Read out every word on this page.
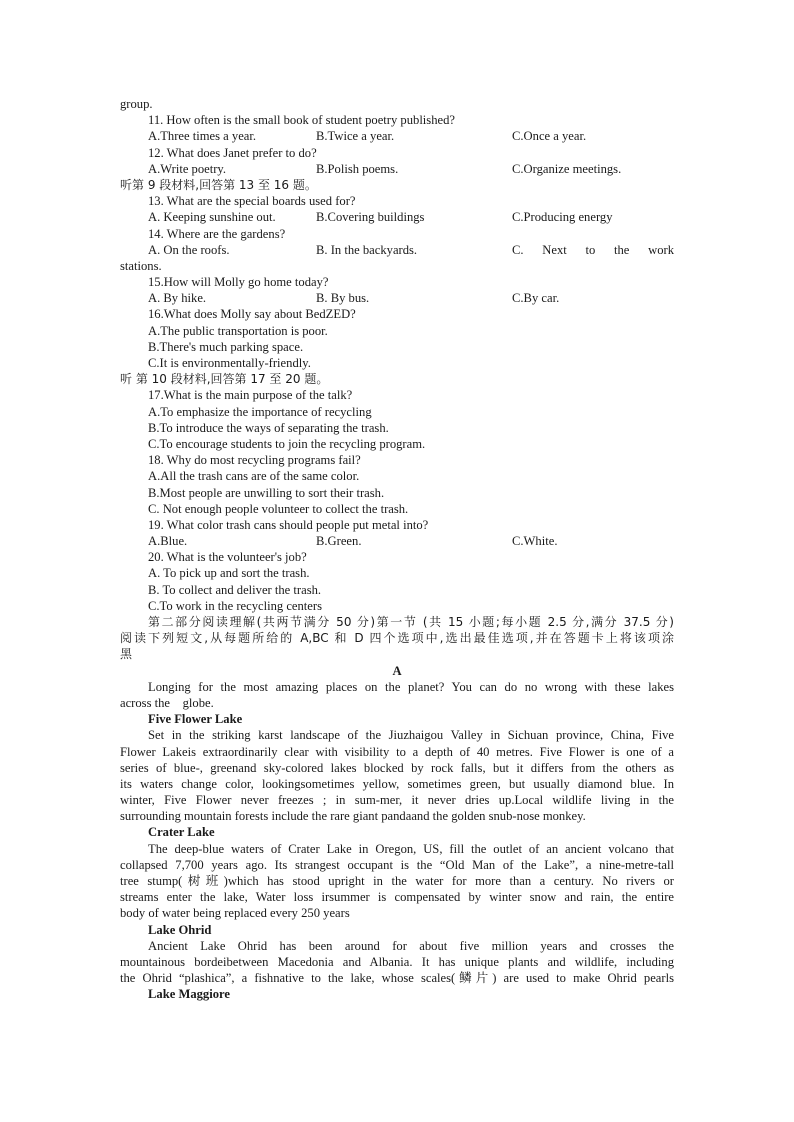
group.
11. How often is the small book of student poetry published?
A.Three times a year.	B.Twice a year.	C.Once a year.
12. What does Janet prefer to do?
A.Write poetry.	B.Polish poems.	C.Organize meetings.
听第 9 段材料,回答第 13 至 16 题。
13. What are the special boards used for?
A. Keeping sunshine out.	B.Covering buildings	C.Producing energy
14. Where are the gardens?
A. On the roofs.	B. In the backyards.	C. Next to the work
stations.
15.How will Molly go home today?
A. By hike.	B. By bus.	C.By car.
16.What does Molly say about BedZED?
A.The public transportation is poor.
B.There's much parking space.
C.It is environmentally-friendly.
听 第 10 段材料,回答第 17 至 20 题。
17.What is the main purpose of the talk?
A.To emphasize the importance of recycling
B.To introduce the ways of separating the trash.
C.To encourage students to join the recycling program.
18. Why do most recycling programs fail?
A.All the trash cans are of the same color.
B.Most people are unwilling to sort their trash.
C. Not enough people volunteer to collect the trash.
19. What color trash cans should people put metal into?
A.Blue.	B.Green.	C.White.
20. What is the volunteer's job?
A. To pick up and sort the trash.
B. To collect and deliver the trash.
C.To work in the recycling centers
第二部分阅读理解(共两节满分 50 分)第一节 (共 15 小题;每小题 2.5 分,满分 37.5 分)
阅读下列短文,从每题所给的 A,BC 和 D 四个选项中,选出最佳选项,并在答题卡上将该项涂
黑
A
Longing for the most amazing places on the planet? You can do no wrong with these lakes
across the    globe.
Five Flower Lake
Set in the striking karst landscape of the Jiuzhaigou Valley in Sichuan province, China, Five
Flower Lakeis extraordinarily clear with visibility to a depth of 40 metres. Five Flower is one of a
series of blue-, greenand sky-colored lakes blocked by rock falls, but it differs from the others as
its waters change color, lookingsometimes yellow, sometimes green, but usually diamond blue. In
winter, Five Flower never freezes ; in sum-mer, it never dries up.Local wildlife living in the
surrounding mountain forests include the rare giant pandaand the golden snub-nose monkey.
Crater Lake
The deep-blue waters of Crater Lake in Oregon, US, fill the outlet of an ancient volcano that
collapsed 7,700 years ago. Its strangest occupant is the “Old Man of the Lake”, a nine-metre-tall
tree stump(树班)which has stood upright in the water for more than a century. No rivers or
streams enter the lake, Water loss irsummer is compensated by winter snow and rain, the entire
body of water being replaced every 250 years
Lake Ohrid
Ancient Lake Ohrid has been around for about five million years and crosses the
mountainous bordeibetween Macedonia and Albania. It has unique plants and wildlife, including
the Ohrid “plashica”, a fishnative to the lake, whose scales(鳞片) are used to make Ohrid pearls
Lake Maggiore
